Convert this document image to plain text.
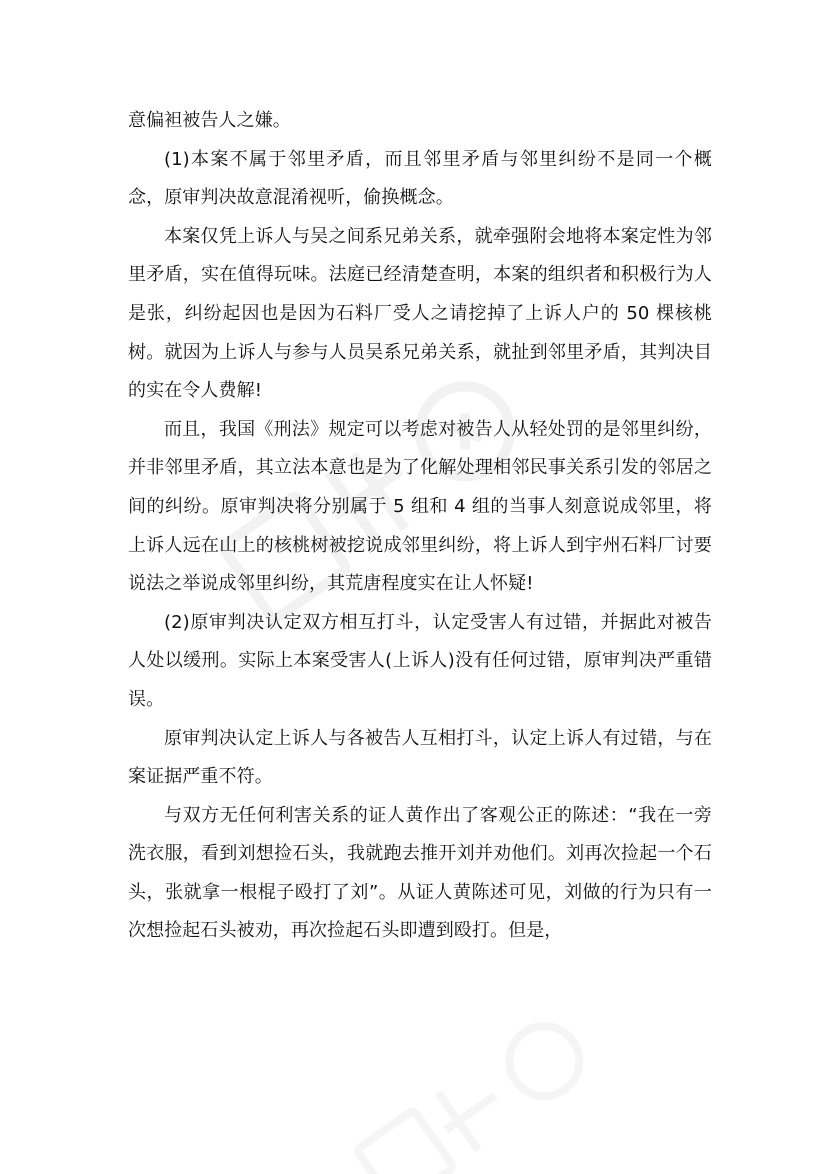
意偏袒被告人之嫌。

(1)本案不属于邻里矛盾，而且邻里矛盾与邻里纠纷不是同一个概念，原审判决故意混淆视听，偷换概念。

本案仅凭上诉人与吴之间系兄弟关系，就牵强附会地将本案定性为邻里矛盾，实在值得玩味。法庭已经清楚查明，本案的组织者和积极行为人是张，纠纷起因也是因为石料厂受人之请挖掉了上诉人户的 50 棵核桃树。就因为上诉人与参与人员吴系兄弟关系，就扯到邻里矛盾，其判决目的实在令人费解!

而且，我国《刑法》规定可以考虑对被告人从轻处罚的是邻里纠纷，并非邻里矛盾，其立法本意也是为了化解处理相邻民事关系引发的邻居之间的纠纷。原审判决将分别属于 5 组和 4 组的当事人刻意说成邻里，将上诉人远在山上的核桃树被挖说成邻里纠纷，将上诉人到宇州石料厂讨要说法之举说成邻里纠纷，其荒唐程度实在让人怀疑!

(2)原审判决认定双方相互打斗，认定受害人有过错，并据此对被告人处以缓刑。实际上本案受害人(上诉人)没有任何过错，原审判决严重错误。

原审判决认定上诉人与各被告人互相打斗，认定上诉人有过错，与在案证据严重不符。

与双方无任何利害关系的证人黄作出了客观公正的陈述：“我在一旁洗衣服，看到刘想捡石头，我就跑去推开刘并劝他们。刘再次捡起一个石头，张就拿一根棍子殴打了刘”。从证人黄陈述可见，刘做的行为只有一次想捡起石头被劝，再次捡起石头即遭到殴打。但是，
